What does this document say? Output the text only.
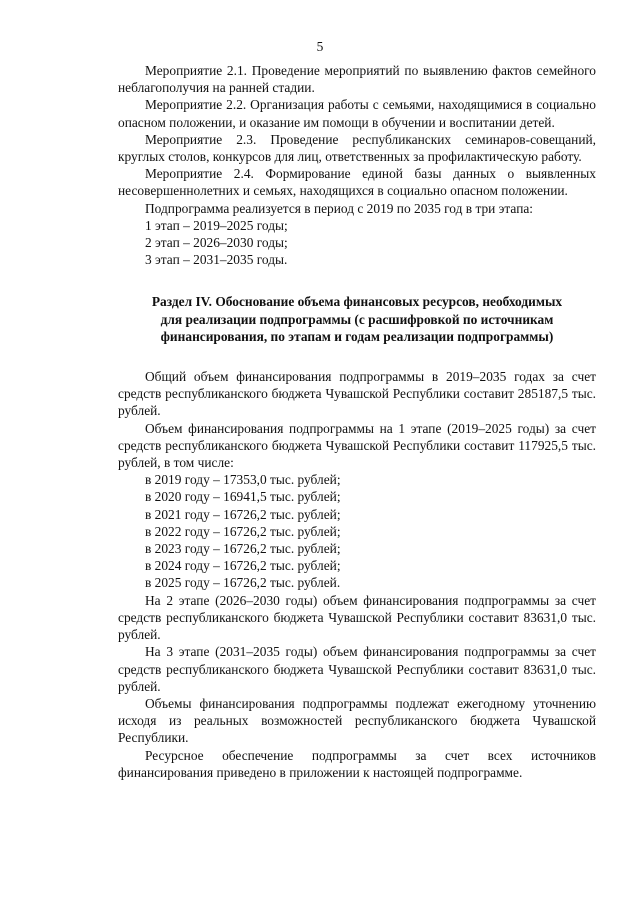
5

Мероприятие 2.1. Проведение мероприятий по выявлению фактов семейного неблагополучия на ранней стадии.

Мероприятие 2.2. Организация работы с семьями, находящимися в социально опасном положении, и оказание им помощи в обучении и воспитании детей.

Мероприятие 2.3. Проведение республиканских семинаров-совещаний, круглых столов, конкурсов для лиц, ответственных за профилактическую работу.

Мероприятие 2.4. Формирование единой базы данных о выявленных несовершеннолетних и семьях, находящихся в социально опасном положении.

Подпрограмма реализуется в период с 2019 по 2035 год в три этапа:

1 этап – 2019–2025 годы;
2 этап – 2026–2030 годы;
3 этап – 2031–2035 годы.
Раздел IV. Обоснование объема финансовых ресурсов, необходимых
для реализации подпрограммы (с расшифровкой по источникам
финансирования, по этапам и годам реализации подпрограммы)

Общий объем финансирования подпрограммы в 2019–2035 годах за счет средств республиканского бюджета Чувашской Республики составит 285187,5 тыс. рублей.

Объем финансирования подпрограммы на 1 этапе (2019–2025 годы) за счет средств республиканского бюджета Чувашской Республики составит 117925,5 тыс. рублей, в том числе:

в 2019 году – 17353,0 тыс. рублей;
в 2020 году – 16941,5 тыс. рублей;
в 2021 году – 16726,2 тыс. рублей;
в 2022 году – 16726,2 тыс. рублей;
в 2023 году – 16726,2 тыс. рублей;
в 2024 году – 16726,2 тыс. рублей;
в 2025 году – 16726,2 тыс. рублей.

На 2 этапе (2026–2030 годы) объем финансирования подпрограммы за счет средств республиканского бюджета Чувашской Республики составит 83631,0 тыс. рублей.

На 3 этапе (2031–2035 годы) объем финансирования подпрограммы за счет средств республиканского бюджета Чувашской Республики составит 83631,0 тыс. рублей.

Объемы финансирования подпрограммы подлежат ежегодному уточнению исходя из реальных возможностей республиканского бюджета Чувашской Республики.

Ресурсное обеспечение подпрограммы за счет всех источников финансирования приведено в приложении к настоящей подпрограмме.
